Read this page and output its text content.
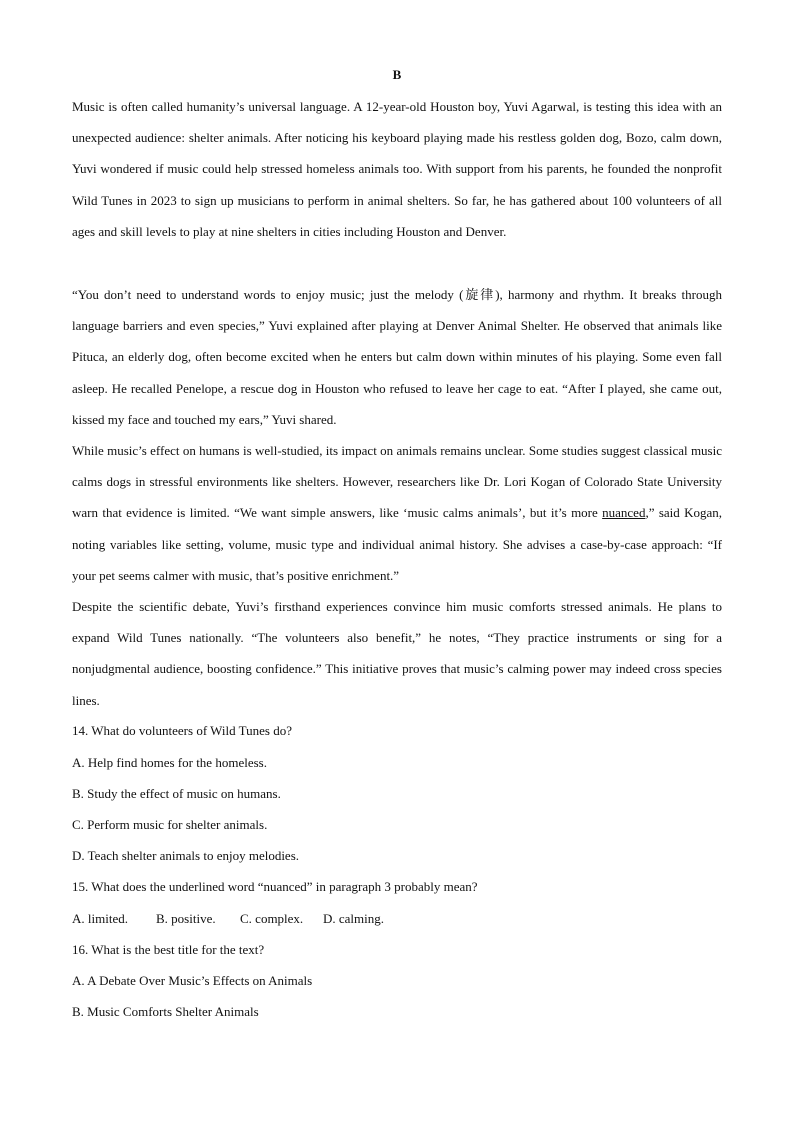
B

Music is often called humanity’s universal language. A 12-year-old Houston boy, Yuvi Agarwal, is testing this idea with an unexpected audience: shelter animals. After noticing his keyboard playing made his restless golden dog, Bozo, calm down, Yuvi wondered if music could help stressed homeless animals too. With support from his parents, he founded the nonprofit Wild Tunes in 2023 to sign up musicians to perform in animal shelters. So far, he has gathered about 100 volunteers of all ages and skill levels to play at nine shelters in cities including Houston and Denver.

“You don’t need to understand words to enjoy music; just the melody (旋律), harmony and rhythm. It breaks through language barriers and even species,” Yuvi explained after playing at Denver Animal Shelter. He observed that animals like Pituca, an elderly dog, often become excited when he enters but calm down within minutes of his playing. Some even fall asleep. He recalled Penelope, a rescue dog in Houston who refused to leave her cage to eat. “After I played, she came out, kissed my face and touched my ears,” Yuvi shared.

While music’s effect on humans is well-studied, its impact on animals remains unclear. Some studies suggest classical music calms dogs in stressful environments like shelters. However, researchers like Dr. Lori Kogan of Colorado State University warn that evidence is limited. “We want simple answers, like ‘music calms animals’, but it’s more nuanced,” said Kogan, noting variables like setting, volume, music type and individual animal history. She advises a case-by-case approach: “If your pet seems calmer with music, that’s positive enrichment.”

Despite the scientific debate, Yuvi’s firsthand experiences convince him music comforts stressed animals. He plans to expand Wild Tunes nationally. “The volunteers also benefit,” he notes, “They practice instruments or sing for a nonjudgmental audience, boosting confidence.” This initiative proves that music’s calming power may indeed cross species lines.

14. What do volunteers of Wild Tunes do?
A. Help find homes for the homeless.
B. Study the effect of music on humans.
C. Perform music for shelter animals.
D. Teach shelter animals to enjoy melodies.
15. What does the underlined word “nuanced” in paragraph 3 probably mean?
A. limited. B. positive. C. complex. D. calming.
16. What is the best title for the text?
A. A Debate Over Music’s Effects on Animals
B. Music Comforts Shelter Animals
